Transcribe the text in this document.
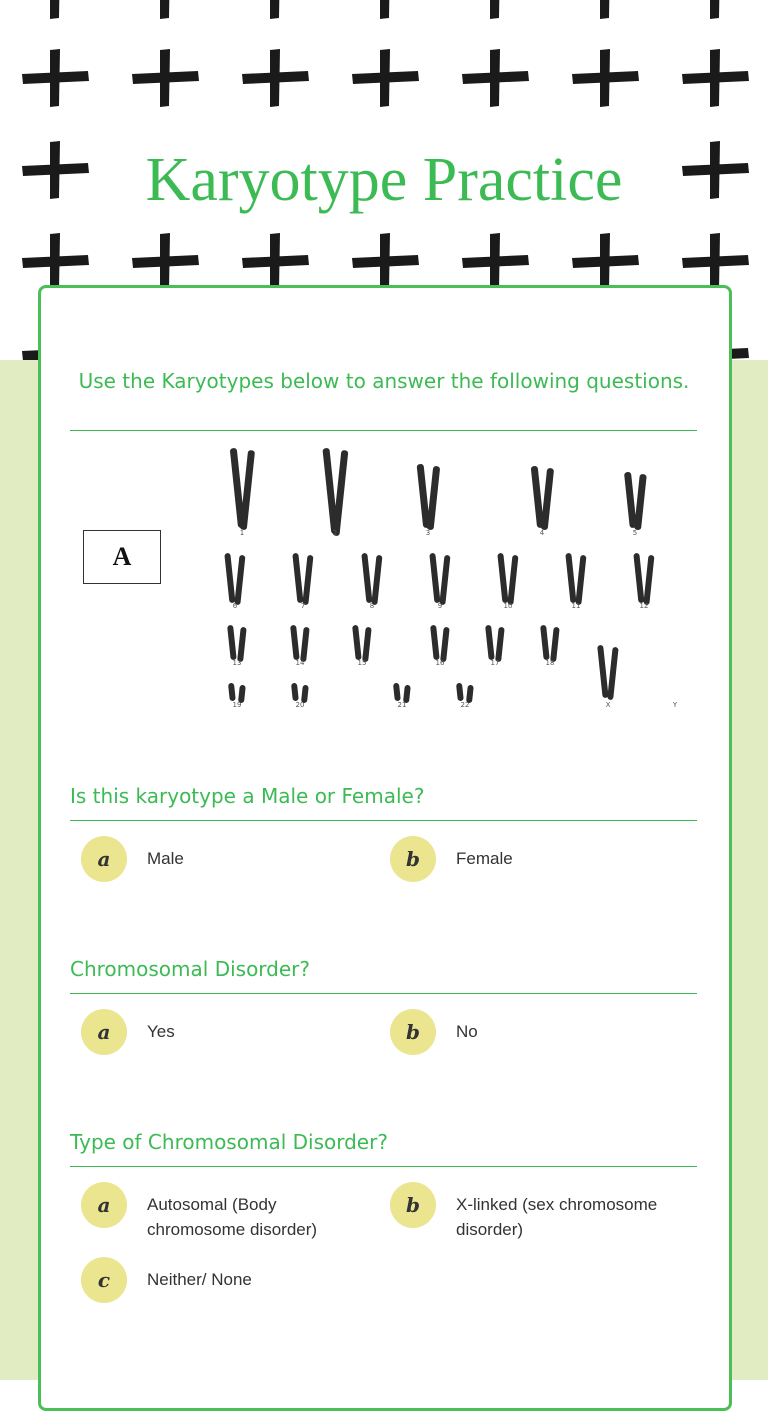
Karyotype Practice
Use the Karyotypes below to answer the following questions.
A
1	2	3	4	5
6	7	8	9	10	11	12
13	14	15	16	17	18
19	20	21	22	X	Y
Is this karyotype a Male or Female?
a	Male	b	Female
Chromosomal Disorder?
a	Yes	b	No
Type of Chromosomal Disorder?
a	Autosomal (Body chromosome disorder)
b	X-linked (sex chromosome disorder)
c	Neither/ None
